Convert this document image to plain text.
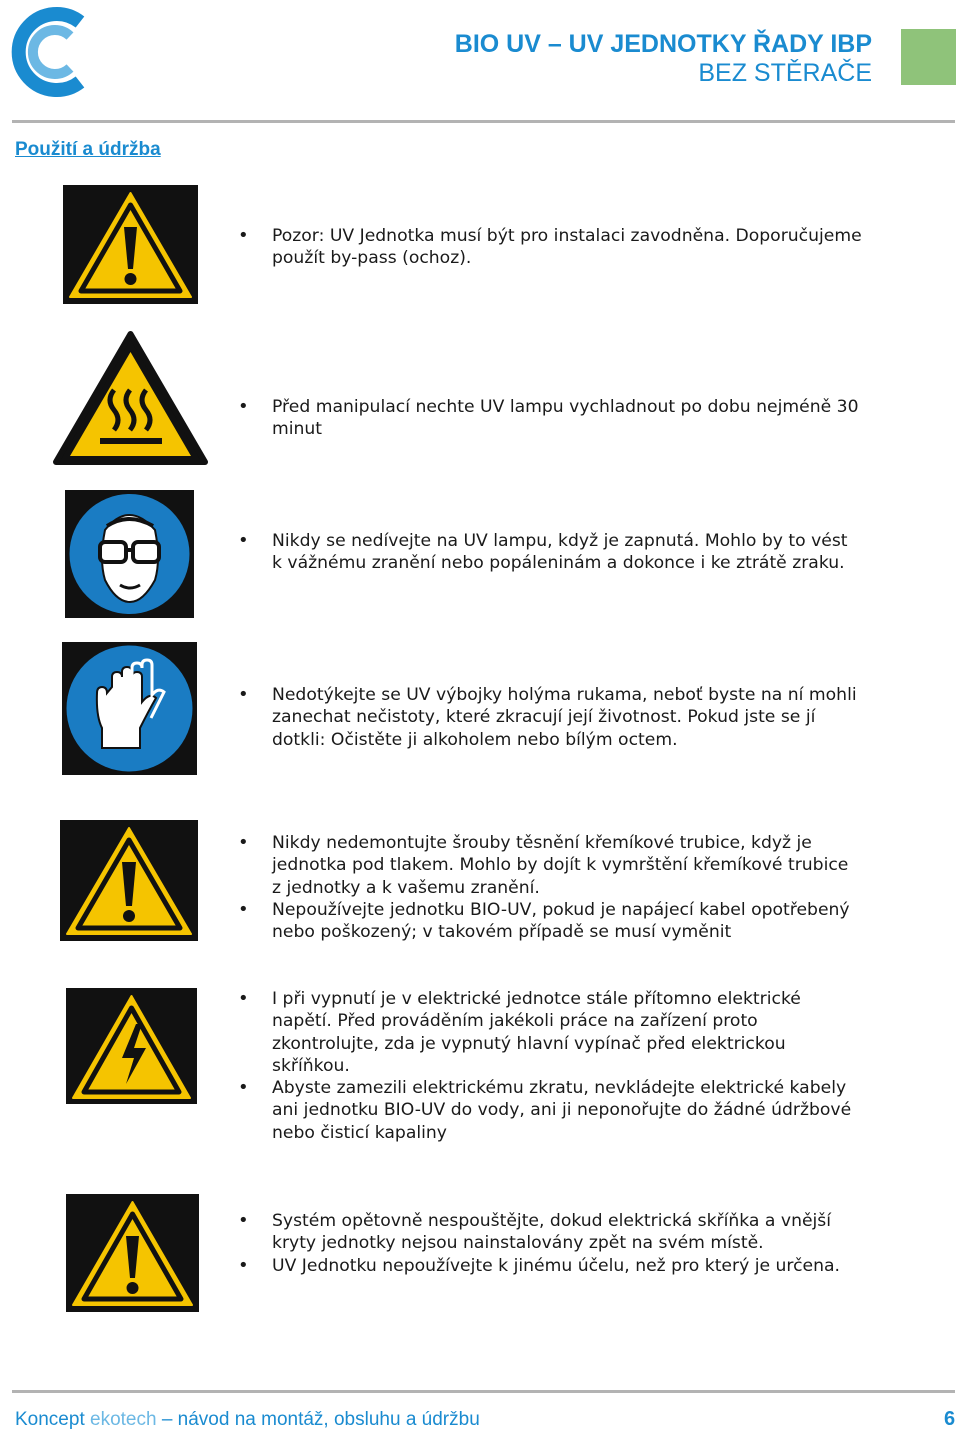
BIO UV – UV JEDNOTKY ŘADY IBP
BEZ STĚRAČE
Použití a údržba
• Pozor: UV Jednotka musí být pro instalaci zavodněna. Doporučujeme použít by-pass (ochoz).
• Před manipulací nechte UV lampu vychladnout po dobu nejméně 30 minut
• Nikdy se nedívejte na UV lampu, když je zapnutá. Mohlo by to vést k vážnému zranění nebo popáleninám a dokonce i ke ztrátě zraku.
• Nedotýkejte se UV výbojky holýma rukama, neboť byste na ní mohli zanechat nečistoty, které zkracují její životnost. Pokud jste se jí dotkli: Očistěte ji alkoholem nebo bílým octem.
• Nikdy nedemontujte šrouby těsnění křemíkové trubice, když je jednotka pod tlakem. Mohlo by dojít k vymrštění křemíkové trubice z jednotky a k vašemu zranění.
• Nepoužívejte jednotku BIO-UV, pokud je napájecí kabel opotřebený nebo poškozený; v takovém případě se musí vyměnit
• I při vypnutí je v elektrické jednotce stále přítomno elektrické napětí. Před prováděním jakékoli práce na zařízení proto zkontrolujte, zda je vypnutý hlavní vypínač před elektrickou skříňkou.
• Abyste zamezili elektrickému zkratu, nevkládejte elektrické kabely ani jednotku BIO-UV do vody, ani ji neponořujte do žádné údržbové nebo čisticí kapaliny
• Systém opětovně nespouštějte, dokud elektrická skříňka a vnější kryty jednotky nejsou nainstalovány zpět na svém místě.
• UV Jednotku nepoužívejte k jinému účelu, než pro který je určena.
Koncept ekotech – návod na montáž, obsluhu a údržbu	6
